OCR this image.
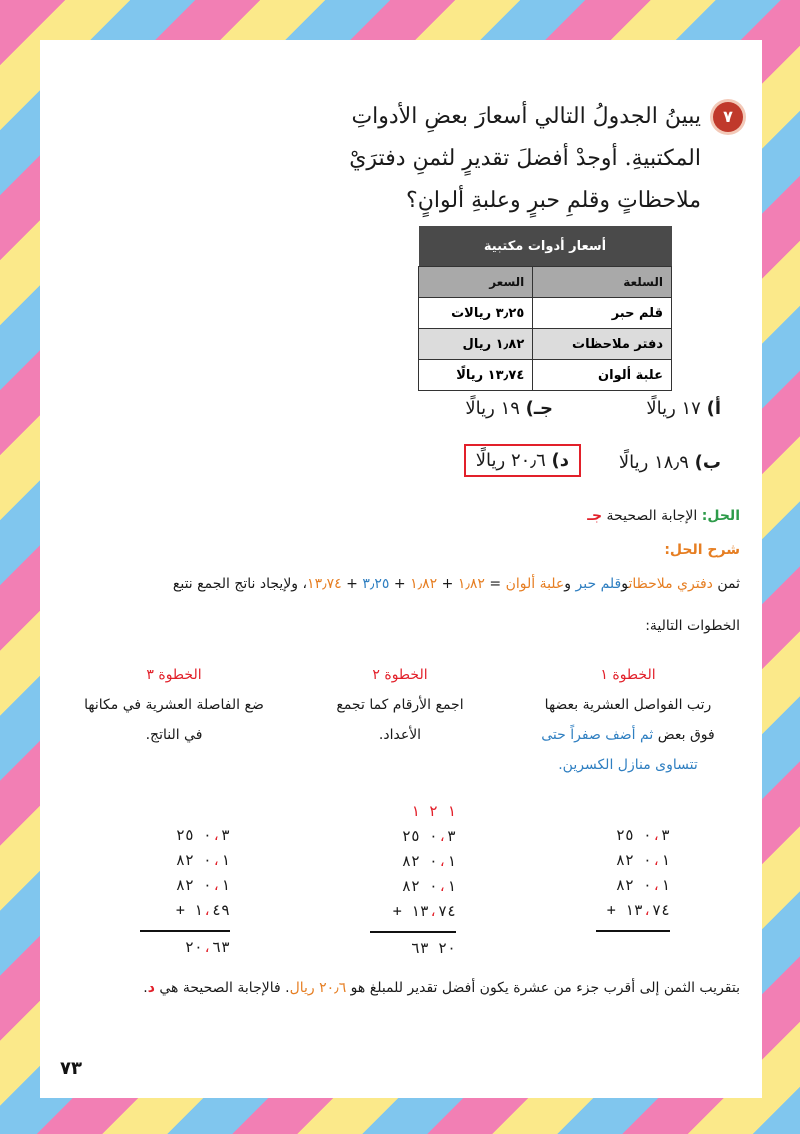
٧
يبينُ الجدولُ التالي أسعارَ بعضِ الأدواتِ
المكتبيةِ. أوجدْ أفضلَ تقديرٍ لثمنِ دفترَيْ
ملاحظاتٍ وقلمِ حبرٍ وعلبةِ ألوانٍ؟
أسعار أدوات مكتبية	
السلعة	السعر
قلم حبر	٣٫٢٥ ريالات
دفتر ملاحظات	١٫٨٢ ريال
علبة ألوان	١٣٫٧٤ ريالًا
أ) ١٧ ريالًا
جـ) ١٩ ريالًا
ب) ١٨٫٩ ريالًا
د) ٢٠٫٦ ريالًا
الحل: الإجابة الصحيحة جـ
شرح الحل:
ثمن دفتري ملاحظاتوقلم حبر وعلبة ألوان = ١٫٨٢ + ١٫٨٢ + ٣٫٢٥ + ١٣٫٧٤، ولإيجاد ناتج الجمع نتبع
الخطوات التالية:
الخطوة ١
رتب الفواصل العشرية بعضها
فوق بعض ثم أضف صفراً حتى
تتساوى منازل الكسرين.
الخطوة ٢
اجمع الأرقام كما تجمع
الأعداد.
الخطوة ٣
ضع الفاصلة العشرية في مكانها
في الناتج.
٠،٣ ٢٥
٠،١ ٨٢
٠،١ ٨٢
+ ١٣،٧٤
١ ٢ ١
٠،٣ ٢٥
٠،١ ٨٢
٠،١ ٨٢
+ ١٣،٧٤
٢٠ ٦٣
٠،٣ ٢٥
٠،١ ٨٢
٠،١ ٨٢
+ ١،٤٩
٢٠،٦٣
بتقريب الثمن إلى أقرب جزء من عشرة يكون أفضل تقدير للمبلغ هو ٢٠٫٦ ريال. فالإجابة الصحيحة هي د.
٧٣
